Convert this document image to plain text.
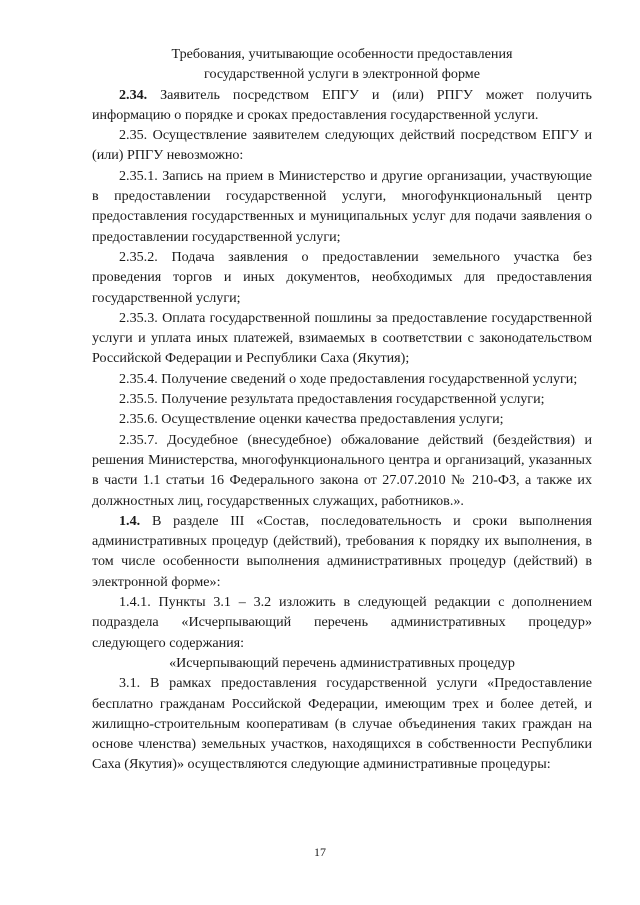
Требования, учитывающие особенности предоставления
государственной услуги в электронной форме

2.34. Заявитель посредством ЕПГУ и (или) РПГУ может получить информацию о порядке и сроках предоставления государственной услуги.

2.35. Осуществление заявителем следующих действий посредством ЕПГУ и (или) РПГУ невозможно:

2.35.1. Запись на прием в Министерство и другие организации, участвующие в предоставлении государственной услуги, многофункциональный центр предоставления государственных и муниципальных услуг для подачи заявления о предоставлении государственной услуги;

2.35.2. Подача заявления о предоставлении земельного участка без проведения торгов и иных документов, необходимых для предоставления государственной услуги;

2.35.3. Оплата государственной пошлины за предоставление государственной услуги и уплата иных платежей, взимаемых в соответствии с законодательством Российской Федерации и Республики Саха (Якутия);

2.35.4. Получение сведений о ходе предоставления государственной услуги;

2.35.5. Получение результата предоставления государственной услуги;

2.35.6. Осуществление оценки качества предоставления услуги;

2.35.7. Досудебное (внесудебное) обжалование действий (бездействия) и решения Министерства, многофункционального центра и организаций, указанных в части 1.1 статьи 16 Федерального закона от 27.07.2010 № 210-ФЗ, а также их должностных лиц, государственных служащих, работников.».

1.4. В разделе III «Состав, последовательность и сроки выполнения административных процедур (действий), требования к порядку их выполнения, в том числе особенности выполнения административных процедур (действий) в электронной форме»:

1.4.1. Пункты 3.1 – 3.2 изложить в следующей редакции с дополнением подраздела «Исчерпывающий перечень административных процедур» следующего содержания:

«Исчерпывающий перечень административных процедур

3.1. В рамках предоставления государственной услуги «Предоставление бесплатно гражданам Российской Федерации, имеющим трех и более детей, и жилищно-строительным кооперативам (в случае объединения таких граждан на основе членства) земельных участков, находящихся в собственности Республики Саха (Якутия)» осуществляются следующие административные процедуры:

17
